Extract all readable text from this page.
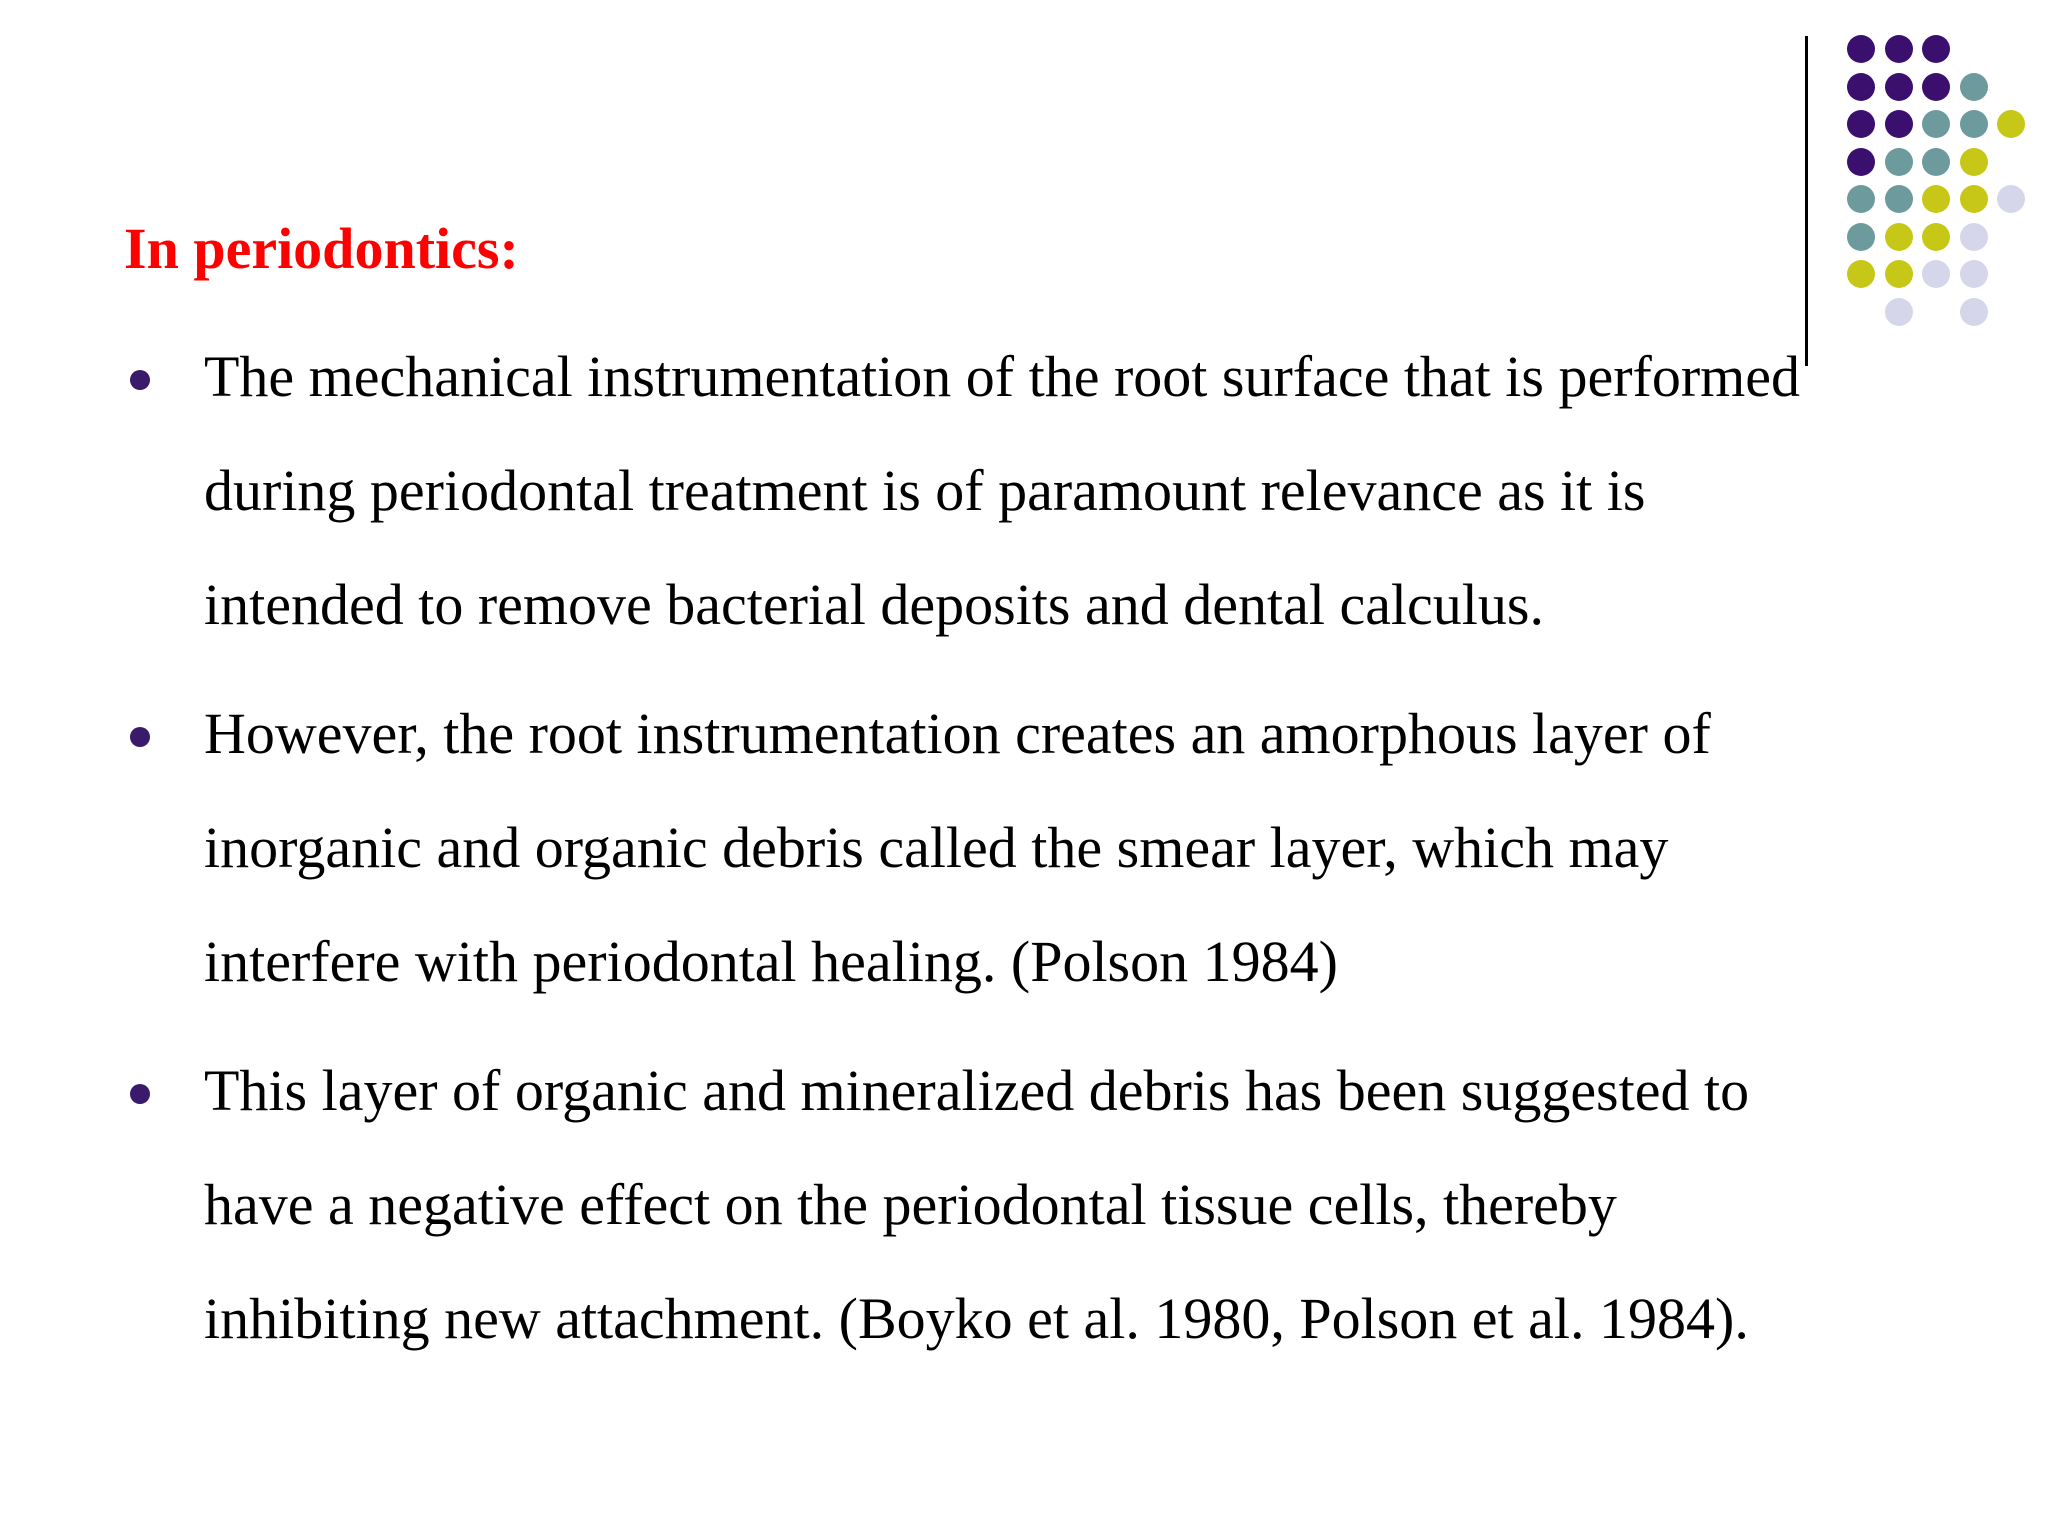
In periodontics:
The mechanical instrumentation of the root surface that is performed
during periodontal treatment is of paramount relevance as it is
intended to remove bacterial deposits and dental calculus.
However, the root instrumentation creates an amorphous layer of
inorganic and organic debris called the smear layer, which may
interfere with periodontal healing. (Polson 1984)
This layer of organic and mineralized debris has been suggested to
have a negative effect on the periodontal tissue cells, thereby
inhibiting new attachment. (Boyko et al. 1980, Polson et al. 1984).
